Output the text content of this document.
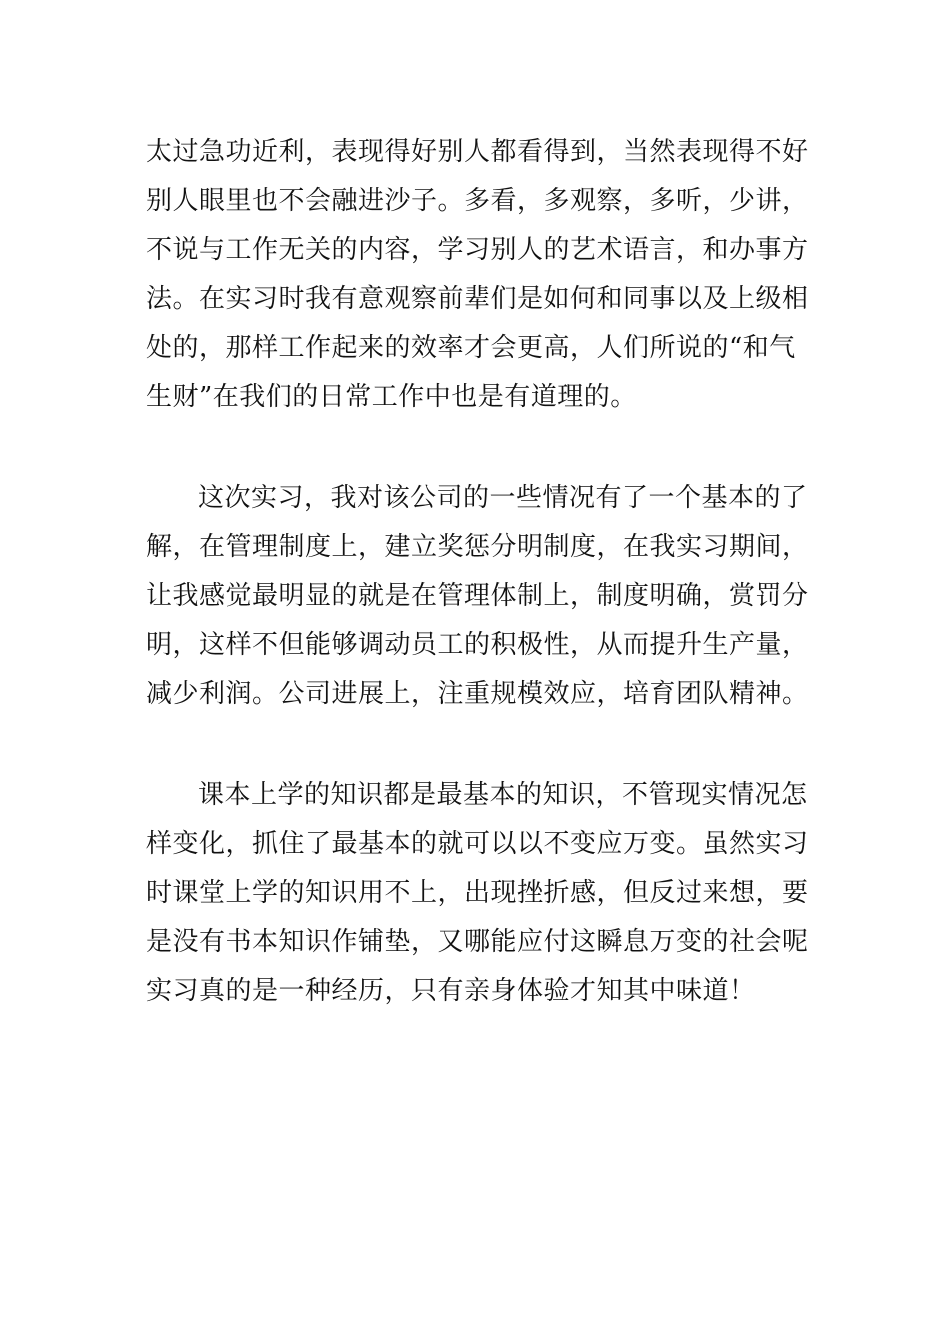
太过急功近利，表现得好别人都看得到，当然表现得不好
别人眼里也不会融进沙子。多看，多观察，多听，少讲，
不说与工作无关的内容，学习别人的艺术语言，和办事方
法。在实习时我有意观察前辈们是如何和同事以及上级相
处的，那样工作起来的效率才会更高，人们所说的“和气
生财”在我们的日常工作中也是有道理的。

这次实习，我对该公司的一些情况有了一个基本的了
解，在管理制度上，建立奖惩分明制度，在我实习期间，
让我感觉最明显的就是在管理体制上，制度明确，赏罚分
明，这样不但能够调动员工的积极性，从而提升生产量，
减少利润。公司进展上，注重规模效应，培育团队精神。

课本上学的知识都是最基本的知识，不管现实情况怎
样变化，抓住了最基本的就可以以不变应万变。虽然实习
时课堂上学的知识用不上，出现挫折感，但反过来想，要
是没有书本知识作铺垫，又哪能应付这瞬息万变的社会呢
实习真的是一种经历，只有亲身体验才知其中味道！
